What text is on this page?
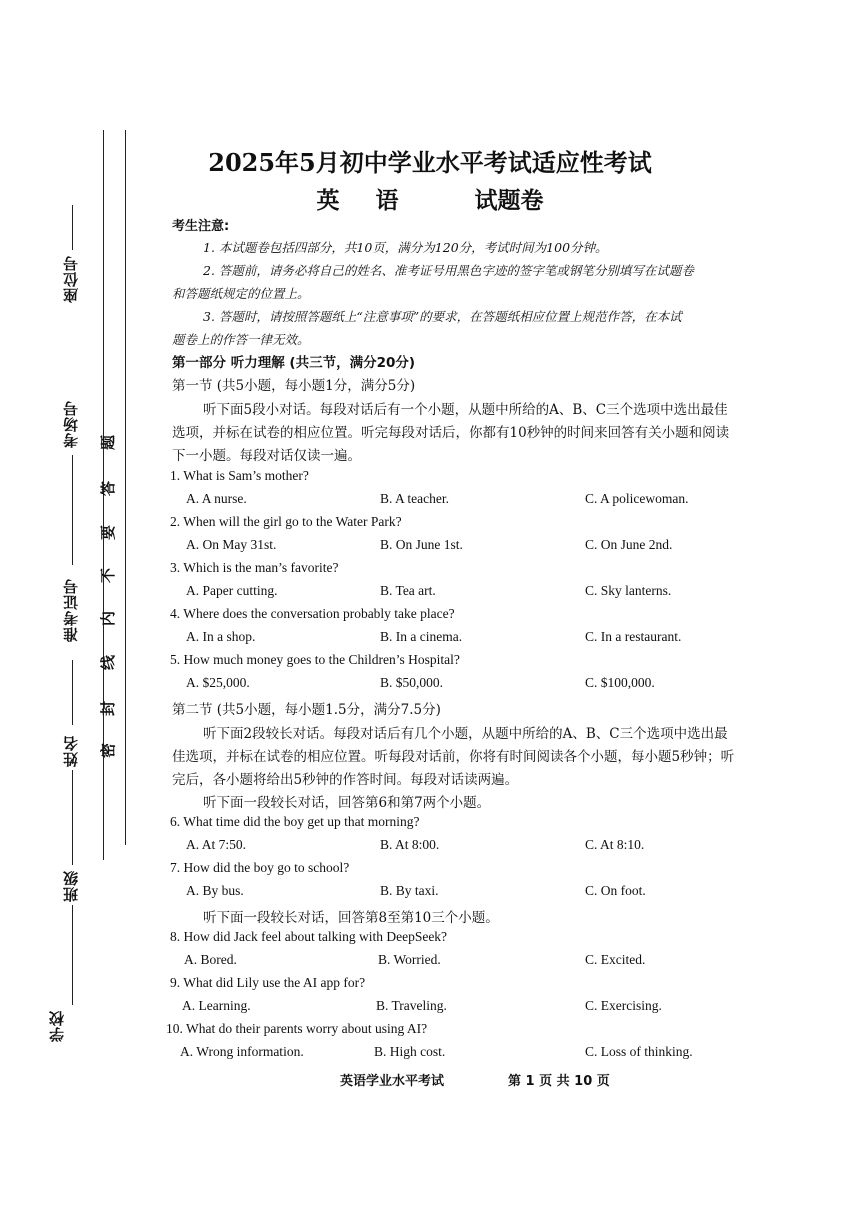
座位号
考场号
准考证号
姓名
班级
学校
密
封
线
内
不
要
答
题
2025年5月初中学业水平考试适应性考试
英 语	试题卷
考生注意:
1. 本试题卷包括四部分，共10页，满分为120分，考试时间为100分钟。
2. 答题前，请务必将自己的姓名、准考证号用黑色字迹的签字笔或钢笔分别填写在试题卷
和答题纸规定的位置上。
3. 答题时，请按照答题纸上“注意事项”的要求，在答题纸相应位置上规范作答，在本试
题卷上的作答一律无效。
第一部分 听力理解 (共三节，满分20分)
第一节 (共5小题，每小题1分，满分5分)
听下面5段小对话。每段对话后有一个小题，从题中所给的A、B、C三个选项中选出最佳
选项，并标在试卷的相应位置。听完每段对话后，你都有10秒钟的时间来回答有关小题和阅读
下一小题。每段对话仅读一遍。
1. What is Sam’s mother?
A. A nurse.	B. A teacher.	C. A policewoman.
2. When will the girl go to the Water Park?
A. On May 31st.	B. On June 1st.	C. On June 2nd.
3. Which is the man’s favorite?
A. Paper cutting.	B. Tea art.	C. Sky lanterns.
4. Where does the conversation probably take place?
A. In a shop.	B. In a cinema.	C. In a restaurant.
5. How much money goes to the Children’s Hospital?
A. $25,000.	B. $50,000.	C. $100,000.
第二节 (共5小题，每小题1.5分，满分7.5分)
听下面2段较长对话。每段对话后有几个小题，从题中所给的A、B、C三个选项中选出最
佳选项，并标在试卷的相应位置。听每段对话前，你将有时间阅读各个小题，每小题5秒钟；听
完后，各小题将给出5秒钟的作答时间。每段对话读两遍。
听下面一段较长对话，回答第6和第7两个小题。
6. What time did the boy get up that morning?
A. At 7:50.	B. At 8:00.	C. At 8:10.
7. How did the boy go to school?
A. By bus.	B. By taxi.	C. On foot.
听下面一段较长对话，回答第8至第10三个小题。
8. How did Jack feel about talking with DeepSeek?
A. Bored.	B. Worried.	C. Excited.
9. What did Lily use the AI app for?
A. Learning.	B. Traveling.	C. Exercising.
10. What do their parents worry about using AI?
A. Wrong information.	B. High cost.	C. Loss of thinking.
英语学业水平考试	第 1 页 共 10 页
